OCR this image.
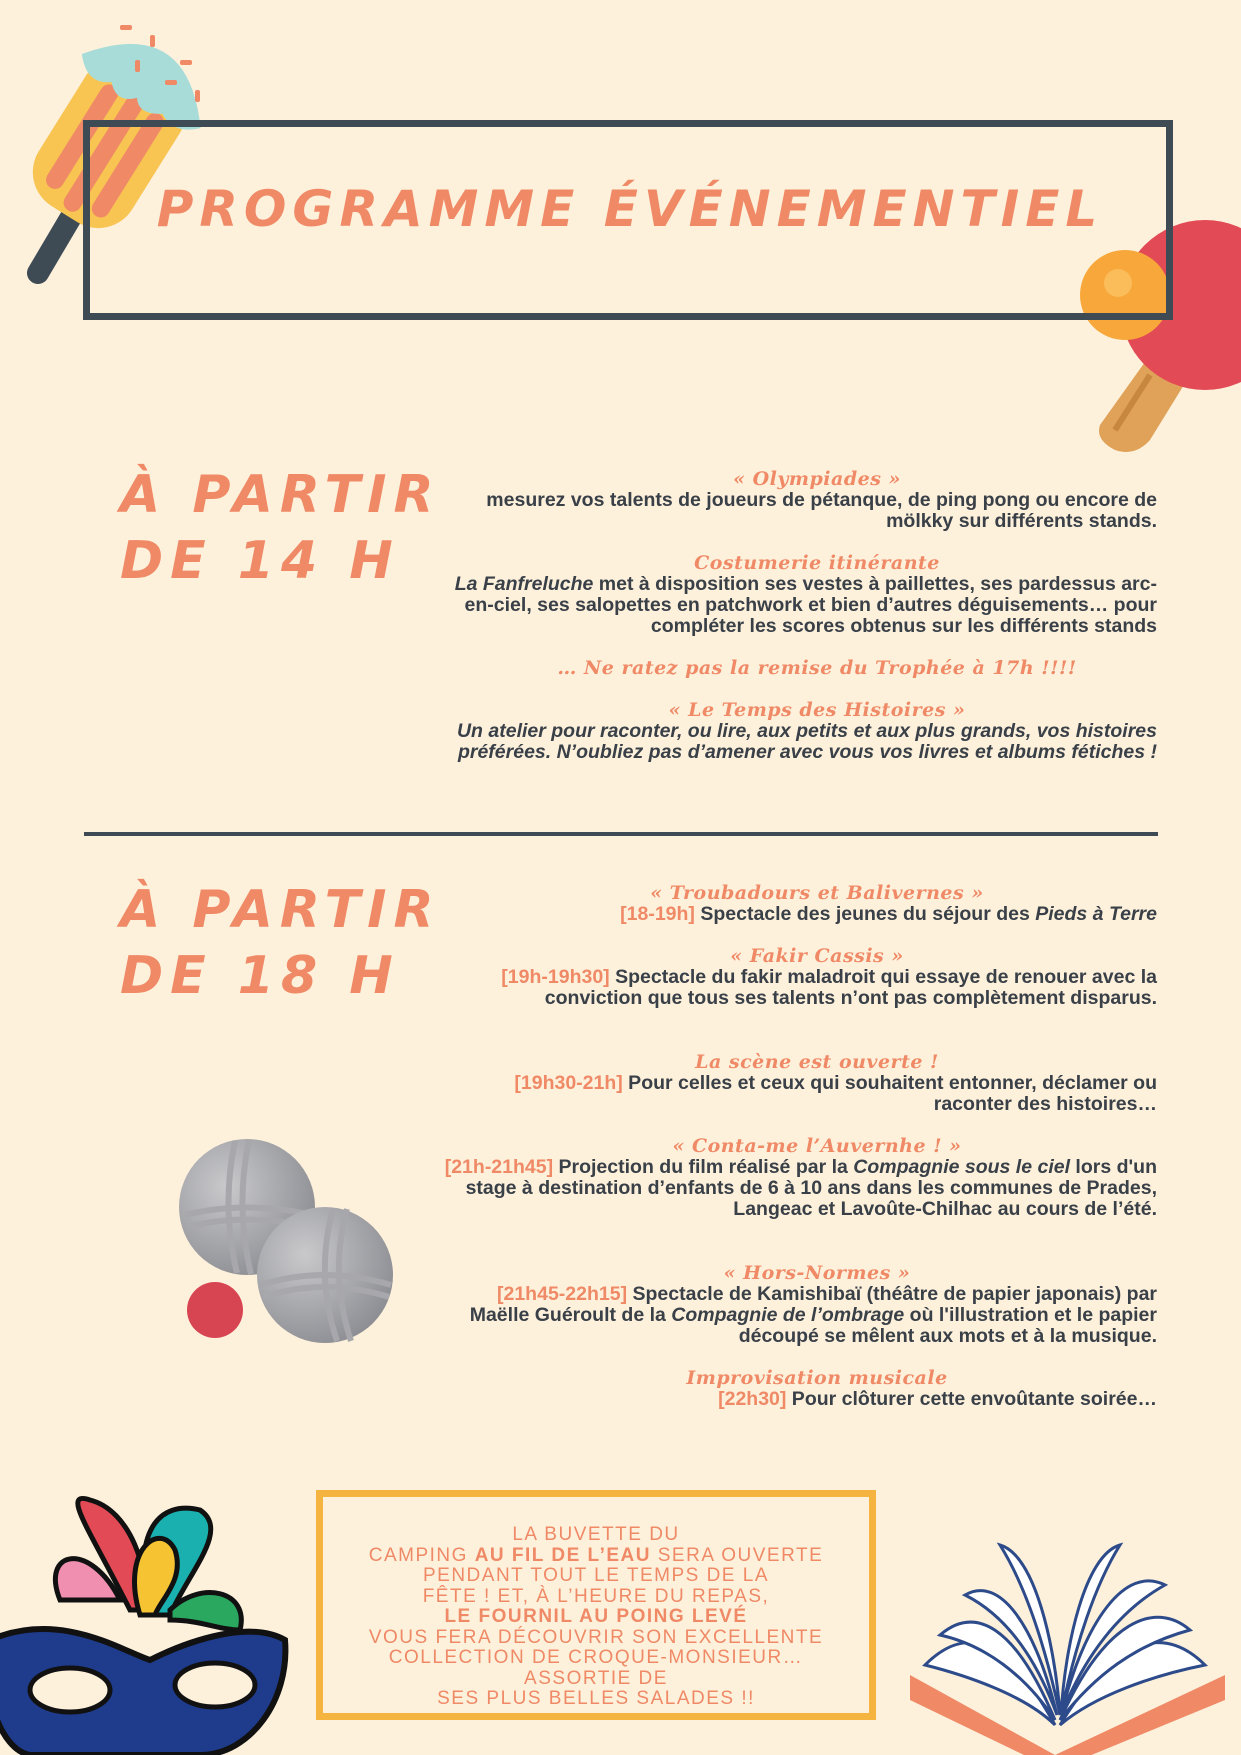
PROGRAMME ÉVÉNEMENTIEL
À PARTIR
DE 14 H
« Olympiades »
mesurez vos talents de joueurs de pétanque, de ping pong ou encore de mölkky sur différents stands.
Costumerie itinérante
La Fanfreluche met à disposition ses vestes à paillettes, ses pardessus arc-en-ciel, ses salopettes en patchwork et bien d’autres déguisements… pour compléter les scores obtenus sur les différents stands
… Ne ratez pas la remise du Trophée à 17h !!!!
« Le Temps des Histoires »
Un atelier pour raconter, ou lire, aux petits et aux plus grands, vos histoires préférées. N’oubliez pas d’amener avec vous vos livres et albums fétiches !
À PARTIR
DE 18 H
« Troubadours et Balivernes »
[18-19h] Spectacle des jeunes du séjour des Pieds à Terre
« Fakir Cassis »
[19h-19h30] Spectacle du fakir maladroit qui essaye de renouer avec la conviction que tous ses talents n’ont pas complètement disparus.
La scène est ouverte !
[19h30-21h] Pour celles et ceux qui souhaitent entonner, déclamer ou raconter des histoires…
« Conta-me l’Auvernhe ! »
[21h-21h45] Projection du film réalisé par la Compagnie sous le ciel lors d'un stage à destination d’enfants de 6 à 10 ans dans les communes de Prades, Langeac et Lavoûte-Chilhac au cours de l’été.
« Hors-Normes »
[21h45-22h15] Spectacle de Kamishibaï (théâtre de papier japonais) par Maëlle Guéroult de la Compagnie de l’ombrage où l'illustration et le papier découpé se mêlent aux mots et à la musique.
Improvisation musicale
[22h30] Pour clôturer cette envoûtante soirée…
LA BUVETTE DU
CAMPING AU FIL DE L’EAU SERA OUVERTE
PENDANT TOUT LE TEMPS DE LA
FÊTE ! ET, À L’HEURE DU REPAS,
LE FOURNIL AU POING LEVÉ
VOUS FERA DÉCOUVRIR SON EXCELLENTE
COLLECTION DE CROQUE-MONSIEUR…
ASSORTIE DE
SES PLUS BELLES SALADES !!
